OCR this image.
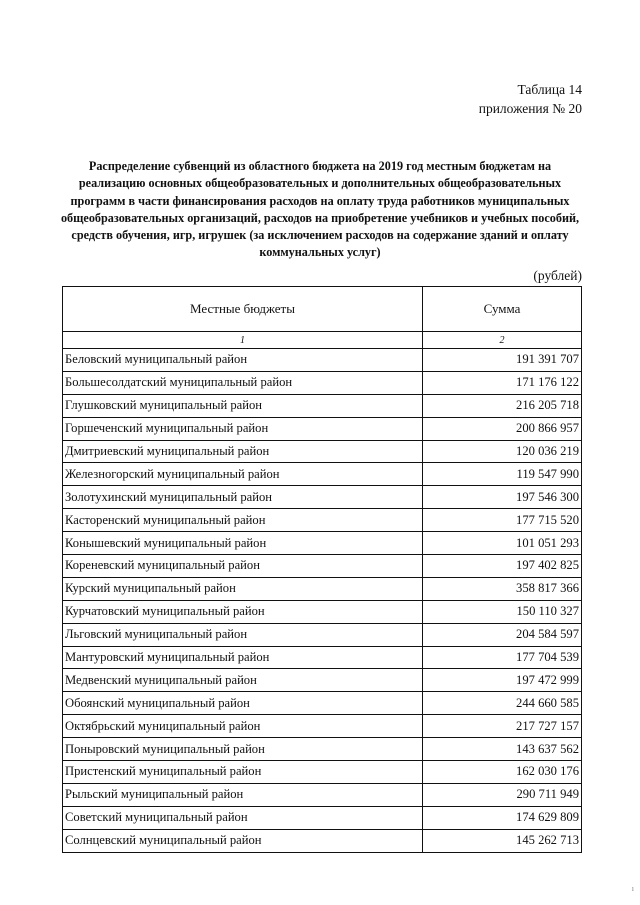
Таблица 14
приложения № 20
Распределение субвенций из областного бюджета на 2019 год местным бюджетам на реализацию основных общеобразовательных и дополнительных общеобразовательных программ в части финансирования расходов на оплату труда работников муниципальных общеобразовательных организаций, расходов на приобретение учебников и учебных пособий, средств обучения, игр, игрушек (за исключением расходов на содержание зданий и оплату коммунальных услуг)
(рублей)
Местные бюджеты	Сумма
1	2
Беловский муниципальный район	191 391 707
Большесолдатский муниципальный район	171 176 122
Глушковский муниципальный район	216 205 718
Горшеченский муниципальный район	200 866 957
Дмитриевский муниципальный район	120 036 219
Железногорский муниципальный район	119 547 990
Золотухинский муниципальный район	197 546 300
Касторенский муниципальный район	177 715 520
Конышевский муниципальный район	101 051 293
Кореневский муниципальный район	197 402 825
Курский муниципальный район	358 817 366
Курчатовский муниципальный район	150 110 327
Льговский муниципальный район	204 584 597
Мантуровский муниципальный район	177 704 539
Медвенский муниципальный район	197 472 999
Обоянский муниципальный район	244 660 585
Октябрьский муниципальный район	217 727 157
Поныровский муниципальный район	143 637 562
Пристенский муниципальный район	162 030 176
Рыльский муниципальный район	290 711 949
Советский муниципальный район	174 629 809
Солнцевский муниципальный район	145 262 713
ı
